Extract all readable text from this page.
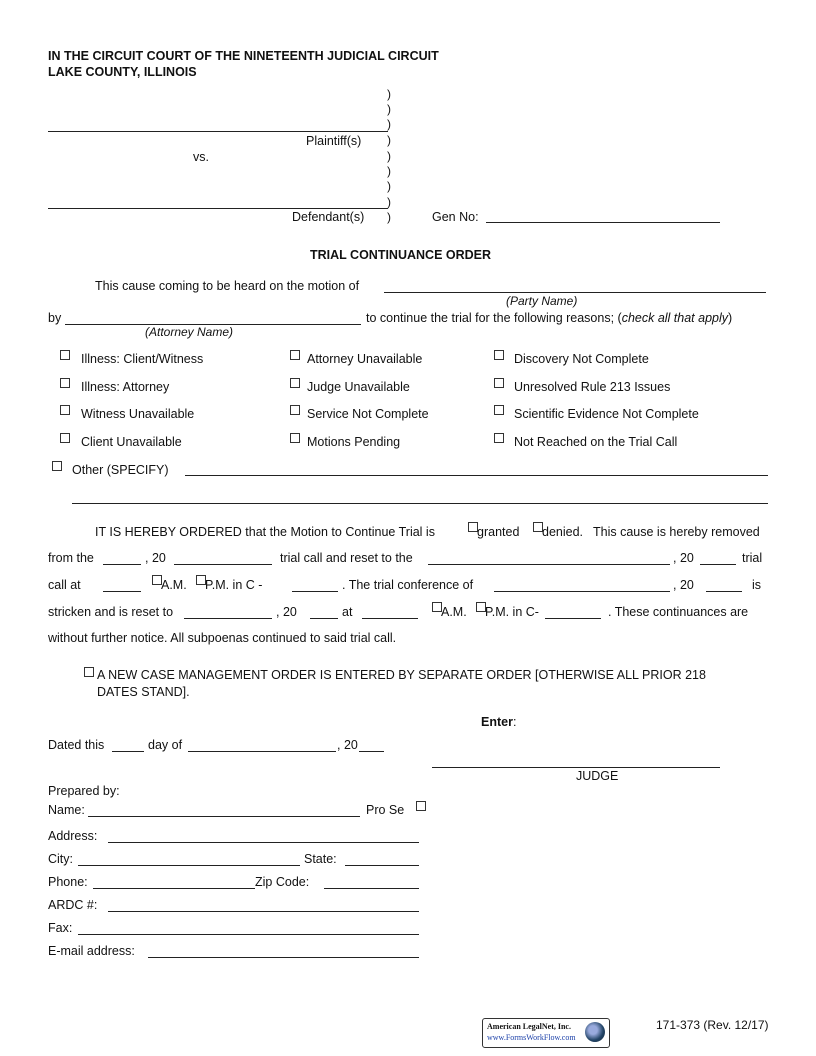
IN THE CIRCUIT COURT OF THE NINETEENTH JUDICIAL CIRCUIT
LAKE COUNTY, ILLINOIS
)
)
)
)
)
)
)
)
)
Plaintiff(s)
vs.
Defendant(s)	Gen No:
TRIAL CONTINUANCE ORDER
This cause coming to be heard on the motion of
(Party Name)
by	to continue the trial for the following reasons; (check all that apply)
(Attorney Name)
Illness: Client/Witness
Illness: Attorney
Witness Unavailable
Client Unavailable
Attorney Unavailable
Judge Unavailable
Service Not Complete
Motions Pending
Discovery Not Complete
Unresolved Rule 213 Issues
Scientific Evidence Not Complete
Not Reached on the Trial Call
Other (SPECIFY)
IT IS HEREBY ORDERED that the Motion to Continue Trial is	granted denied. This cause is hereby removed
from the	, 20	trial call and reset to the	, 20	trial
call at	A.M. P.M. in C -	. The trial conference of	, 20	is
stricken and is reset to	, 20	at	A.M. P.M. in C-	. These continuances are
without further notice. All subpoenas continued to said trial call.
A NEW CASE MANAGEMENT ORDER IS ENTERED BY SEPARATE ORDER [OTHERWISE ALL PRIOR 218
DATES STAND].
Enter:
Dated this	day of	, 20
JUDGE
Prepared by:
Name:	Pro Se
Address:
City:	State:
Phone:	Zip Code:
ARDC #:
Fax:
E-mail address:
American LegalNet, Inc.
www.FormsWorkFlow.com
171-373 (Rev. 12/17)
